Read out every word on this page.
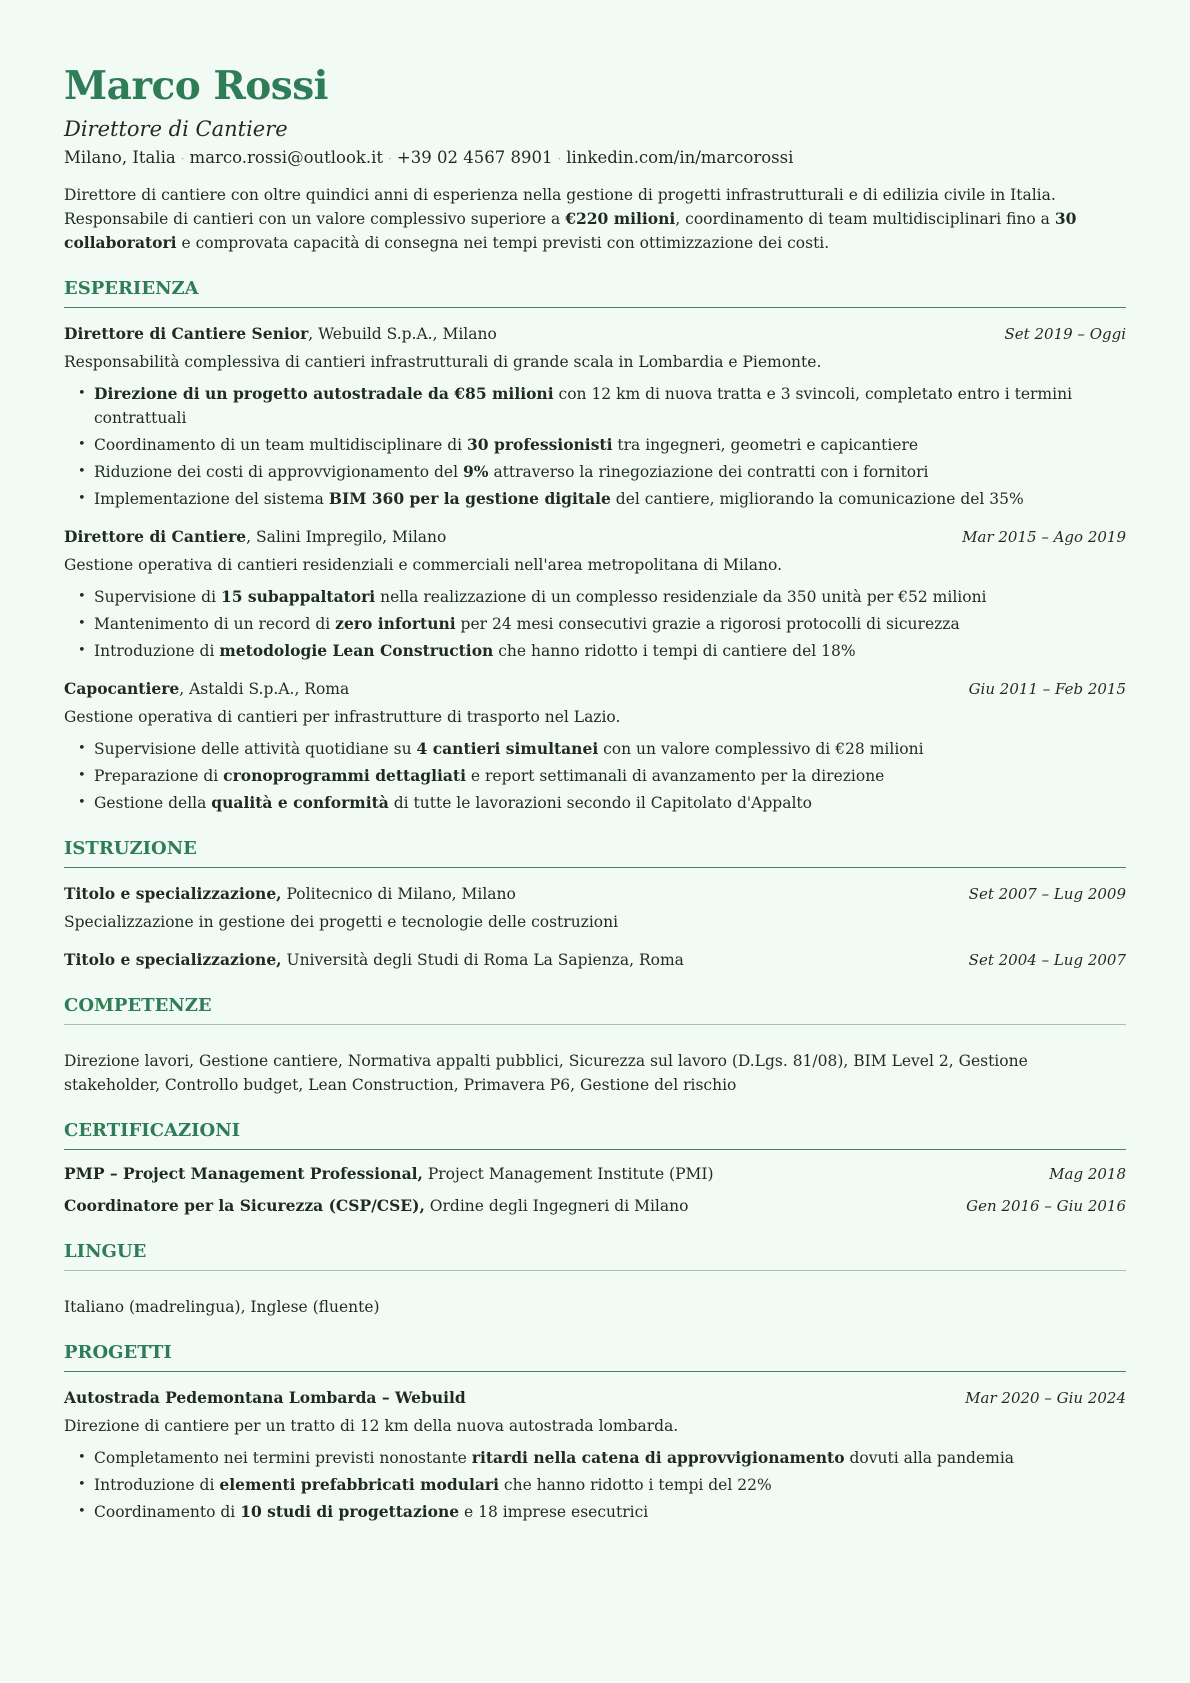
Marco Rossi
Direttore di Cantiere
Milano, Italia · marco.rossi@outlook.it · +39 02 4567 8901 · linkedin.com/in/marcorossi
Direttore di cantiere con oltre quindici anni di esperienza nella gestione di progetti infrastrutturali e di edilizia civile in Italia. Responsabile di cantieri con un valore complessivo superiore a €220 milioni, coordinamento di team multidisciplinari fino a 30 collaboratori e comprovata capacità di consegna nei tempi previsti con ottimizzazione dei costi.
ESPERIENZA
Direttore di Cantiere Senior, Webuild S.p.A., Milano	Set 2019 – Oggi
Responsabilità complessiva di cantieri infrastrutturali di grande scala in Lombardia e Piemonte.
• Direzione di un progetto autostradale da €85 milioni con 12 km di nuova tratta e 3 svincoli, completato entro i termini contrattuali
• Coordinamento di un team multidisciplinare di 30 professionisti tra ingegneri, geometri e capicantiere
• Riduzione dei costi di approvvigionamento del 9% attraverso la rinegoziazione dei contratti con i fornitori
• Implementazione del sistema BIM 360 per la gestione digitale del cantiere, migliorando la comunicazione del 35%
Direttore di Cantiere, Salini Impregilo, Milano	Mar 2015 – Ago 2019
Gestione operativa di cantieri residenziali e commerciali nell'area metropolitana di Milano.
• Supervisione di 15 subappaltatori nella realizzazione di un complesso residenziale da 350 unità per €52 milioni
• Mantenimento di un record di zero infortuni per 24 mesi consecutivi grazie a rigorosi protocolli di sicurezza
• Introduzione di metodologie Lean Construction che hanno ridotto i tempi di cantiere del 18%
Capocantiere, Astaldi S.p.A., Roma	Giu 2011 – Feb 2015
Gestione operativa di cantieri per infrastrutture di trasporto nel Lazio.
• Supervisione delle attività quotidiane su 4 cantieri simultanei con un valore complessivo di €28 milioni
• Preparazione di cronoprogrammi dettagliati e report settimanali di avanzamento per la direzione
• Gestione della qualità e conformità di tutte le lavorazioni secondo il Capitolato d'Appalto
ISTRUZIONE
Titolo e specializzazione, Politecnico di Milano, Milano	Set 2007 – Lug 2009
Specializzazione in gestione dei progetti e tecnologie delle costruzioni
Titolo e specializzazione, Università degli Studi di Roma La Sapienza, Roma	Set 2004 – Lug 2007
COMPETENZE
Direzione lavori, Gestione cantiere, Normativa appalti pubblici, Sicurezza sul lavoro (D.Lgs. 81/08), BIM Level 2, Gestione stakeholder, Controllo budget, Lean Construction, Primavera P6, Gestione del rischio
CERTIFICAZIONI
PMP – Project Management Professional, Project Management Institute (PMI)	Mag 2018
Coordinatore per la Sicurezza (CSP/CSE), Ordine degli Ingegneri di Milano	Gen 2016 – Giu 2016
LINGUE
Italiano (madrelingua), Inglese (fluente)
PROGETTI
Autostrada Pedemontana Lombarda – Webuild	Mar 2020 – Giu 2024
Direzione di cantiere per un tratto di 12 km della nuova autostrada lombarda.
• Completamento nei termini previsti nonostante ritardi nella catena di approvvigionamento dovuti alla pandemia
• Introduzione di elementi prefabbricati modulari che hanno ridotto i tempi del 22%
• Coordinamento di 10 studi di progettazione e 18 imprese esecutrici
